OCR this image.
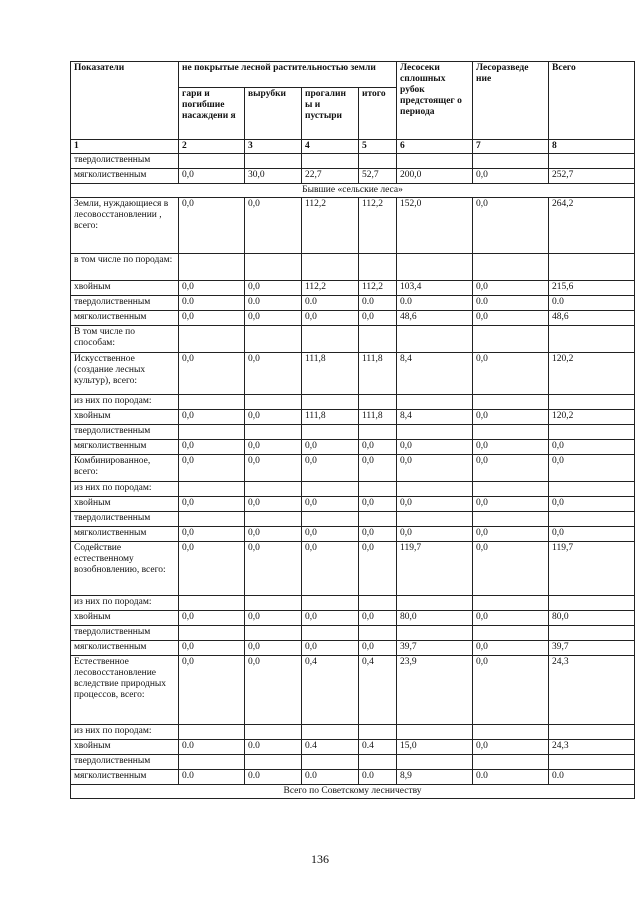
Показатели	не покрытые лесной растительностью земли				Лесосеки сплошных рубок предстоящег о периода	Лесоразведе ние	Всего
	гари и погибшие насаждени я	вырубки	прогалин ы и пустыри	итого			
1	2	3	4	5	6	7	8
твердолиственным							
мягколиственным	0,0	30,0	22,7	52,7	200,0	0,0	252,7
Бывшие «сельские леса»							
Земли, нуждающиеся в лесовосстановлении , всего:	0,0	0,0	112,2	112,2	152,0	0,0	264,2
в том числе по породам:							
хвойным	0,0	0,0	112,2	112,2	103,4	0,0	215,6
твердолиственным	0.0	0.0	0.0	0.0	0.0	0.0	0.0
мягколиственным	0,0	0,0	0,0	0,0	48,6	0,0	48,6
В том числе по способам:							
Искусственное (создание лесных культур), всего:	0,0	0,0	111,8	111,8	8,4	0,0	120,2
из них по породам:							
хвойным	0,0	0,0	111,8	111,8	8,4	0,0	120,2
твердолиственным							
мягколиственным	0,0	0,0	0,0	0,0	0,0	0,0	0,0
Комбинированное, всего:	0,0	0,0	0,0	0,0	0,0	0,0	0,0
из них по породам:							
хвойным	0,0	0,0	0,0	0,0	0,0	0,0	0,0
твердолиственным							
мягколиственным	0,0	0,0	0,0	0,0	0,0	0,0	0,0
Содействие естественному возобновлению, всего:	0,0	0,0	0,0	0,0	119,7	0,0	119,7
из них по породам:							
хвойным	0,0	0,0	0,0	0,0	80,0	0,0	80,0
твердолиственным							
мягколиственным	0,0	0,0	0,0	0,0	39,7	0,0	39,7
Естественное лесовосстановление вследствие природных процессов, всего:	0,0	0,0	0,4	0,4	23,9	0,0	24,3
из них по породам:							
хвойным	0.0	0.0	0.4	0.4	15,0	0,0	24,3
твердолиственным							
мягколиственным	0.0	0.0	0.0	0.0	8,9	0.0	0.0
Всего по Советскому лесничеству							
136
